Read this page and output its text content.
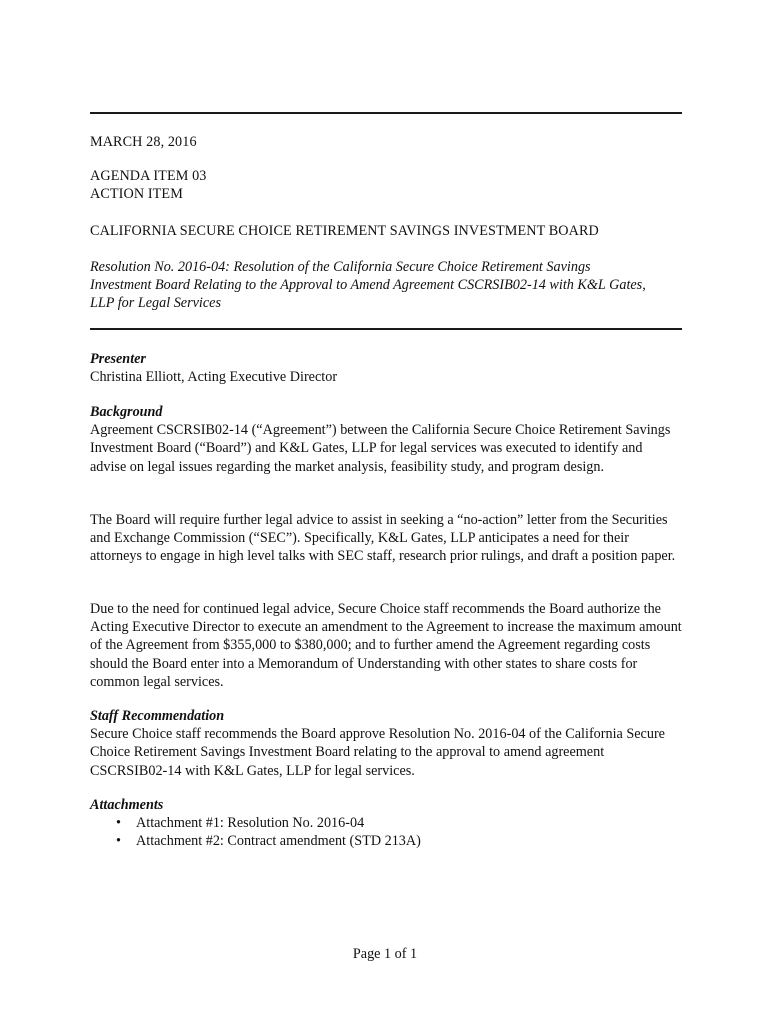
MARCH 28, 2016
AGENDA ITEM 03
ACTION ITEM
CALIFORNIA SECURE CHOICE RETIREMENT SAVINGS INVESTMENT BOARD
Resolution No. 2016-04: Resolution of the California Secure Choice Retirement Savings Investment Board Relating to the Approval to Amend Agreement CSCRSIB02-14 with K&L Gates, LLP for Legal Services
Presenter

Christina Elliott, Acting Executive Director

Background

Agreement CSCRSIB02-14 (“Agreement”) between the California Secure Choice Retirement Savings Investment Board (“Board”) and K&L Gates, LLP for legal services was executed to identify and advise on legal issues regarding the market analysis, feasibility study, and program design.

The Board will require further legal advice to assist in seeking a “no-action” letter from the Securities and Exchange Commission (“SEC”). Specifically, K&L Gates, LLP anticipates a need for their attorneys to engage in high level talks with SEC staff, research prior rulings, and draft a position paper.

Due to the need for continued legal advice, Secure Choice staff recommends the Board authorize the Acting Executive Director to execute an amendment to the Agreement to increase the maximum amount of the Agreement from $355,000 to $380,000; and to further amend the Agreement regarding costs should the Board enter into a Memorandum of Understanding with other states to share costs for common legal services.

Staff Recommendation

Secure Choice staff recommends the Board approve Resolution No. 2016-04 of the California Secure Choice Retirement Savings Investment Board relating to the approval to amend agreement CSCRSIB02-14 with K&L Gates, LLP for legal services.

Attachments
• Attachment #1: Resolution No. 2016-04
• Attachment #2: Contract amendment (STD 213A)
Page 1 of 1
